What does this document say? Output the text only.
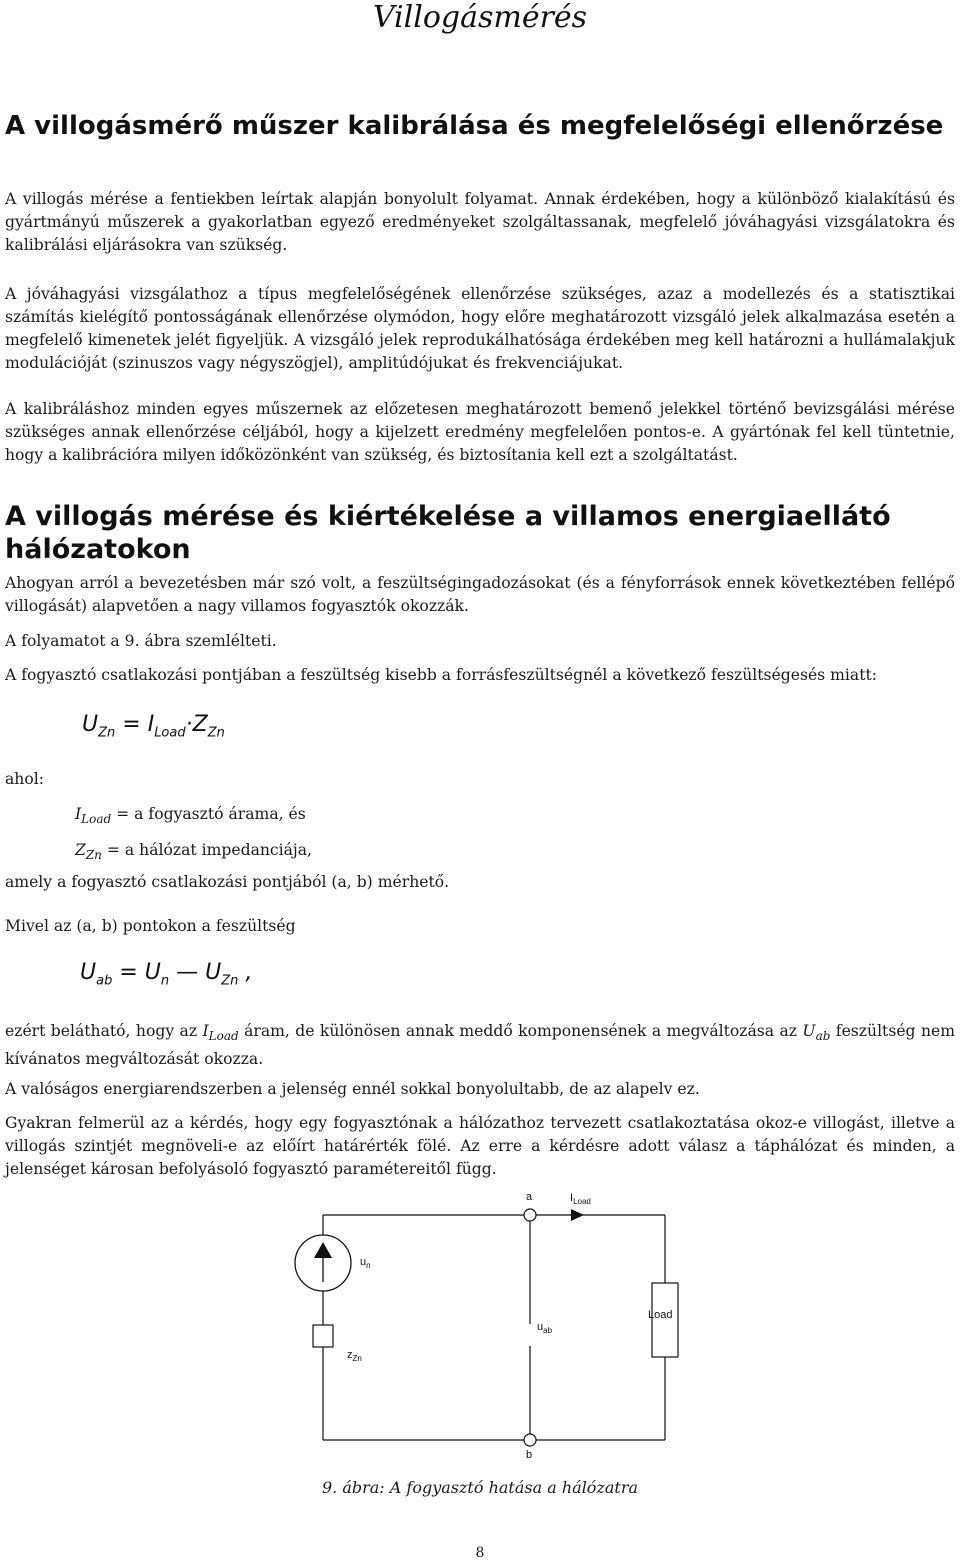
Villogásmérés
A villogásmérő műszer kalibrálása és megfelelőségi ellenőrzése

A villogás mérése a fentiekben leírtak alapján bonyolult folyamat. Annak érdekében, hogy a különböző kialakítású és gyártmányú műszerek a gyakorlatban egyező eredményeket szolgáltassanak, megfelelő jóváhagyási vizsgálatokra és kalibrálási eljárásokra van szükség.

A jóváhagyási vizsgálathoz a típus megfelelőségének ellenőrzése szükséges, azaz a modellezés és a statisztikai számítás kielégítő pontosságának ellenőrzése olymódon, hogy előre meghatározott vizsgáló jelek alkalmazása esetén a megfelelő kimenetek jelét figyeljük. A vizsgáló jelek reprodukálhatósága érdekében meg kell határozni a hullámalakjuk modulációját (szinuszos vagy négyszögjel), amplitúdójukat és frekvenciájukat.

A kalibráláshoz minden egyes műszernek az előzetesen meghatározott bemenő jelekkel történő bevizsgálási mérése szükséges annak ellenőrzése céljából, hogy a kijelzett eredmény megfelelően pontos-e. A gyártónak fel kell tüntetnie, hogy a kalibrációra milyen időközönként van szükség, és biztosítania kell ezt a szolgáltatást.

A villogás mérése és kiértékelése a villamos energiaellátó hálózatokon

Ahogyan arról a bevezetésben már szó volt, a feszültségingadozásokat (és a fényforrások ennek következtében fellépő villogását) alapvetően a nagy villamos fogyasztók okozzák.

A folyamatot a 9. ábra szemlélteti.

A fogyasztó csatlakozási pontjában a feszültség kisebb a forrásfeszültségnél a következő feszültségesés miatt:

$U_{Zn} = I_{Load}\cdot Z_{Zn}$

ahol:

$I_{Load} = a$ fogyasztó árama, és
$Z_{Zn} = a$ hálózat impedanciája,

amely a fogyasztó csatlakozási pontjából (a, b) mérhető.

Mivel az (a, b) pontokon a feszültség

$U_{ab} = U_n$ — $U_{Zn}$ ,

ezért belátható, hogy az $I_{Load}$ áram, de különösen annak meddő komponensének a megváltozása az $U_{ab}$ feszültség nem kívánatos megváltozását okozza.

A valóságos energiarendszerben a jelenség ennél sokkal bonyolultabb, de az alapelv ez.

Gyakran felmerül az a kérdés, hogy egy fogyasztónak a hálózathoz tervezett csatlakoztatása okoz-e villogást, illetve a villogás szintjét megnöveli-e az előírt határérték fölé. Az erre a kérdésre adott válasz a táphálózat és minden, a jelenséget károsan befolyásoló fogyasztó paramétereitől függ.

a
b
$I_{Load}$
$u_n$
$u_{ab}$
$z_{Zn}$
Load
9. ábra: A fogyasztó hatása a hálózatra
8
